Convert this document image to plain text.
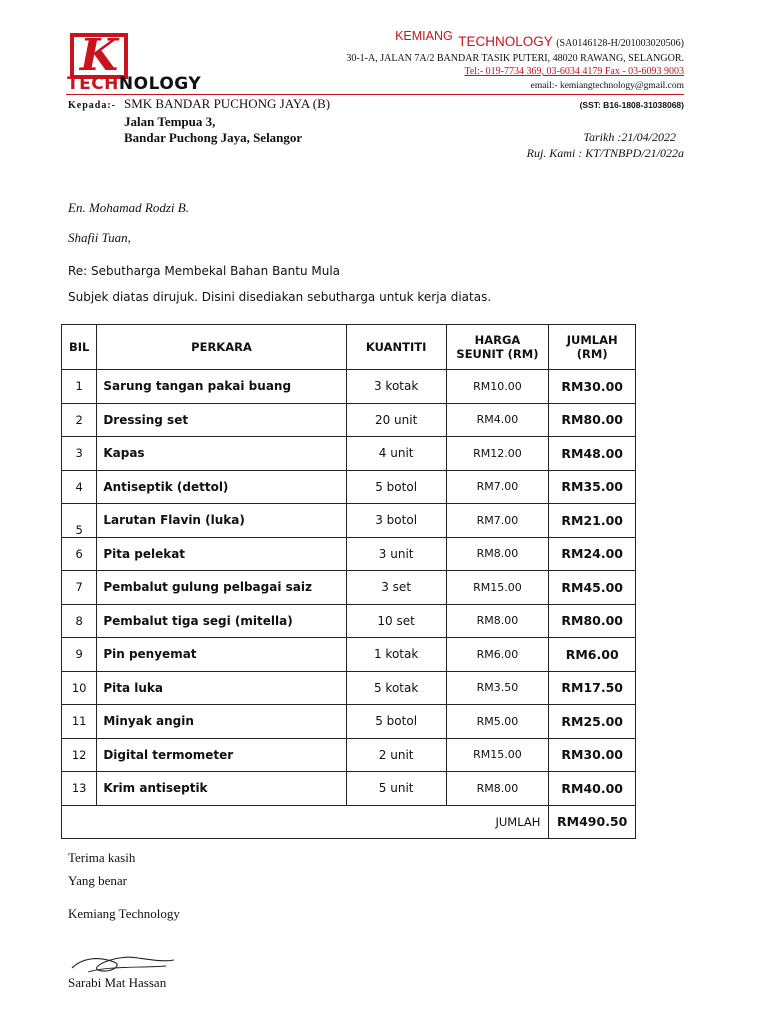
K
TECHNOLOGY
KEMIANG TECHNOLOGY $_{(SA0146128-H/201003020506)}$
30-1-A, JALAN 7A/2 BANDAR TASIK PUTERI, 48020 RAWANG, SELANGOR.
Tel:- 019-7734 369, 03-6034 4179 Fax - 03-6093 9003
email:- kemiangtechnology@gmail.com
Kepada:- SMK BANDAR PUCHONG JAYA (B)
Jalan Tempua 3,
Bandar Puchong Jaya, Selangor
(SST: B16-1808-31038068)
Tarikh :21/04/2022
Ruj. Kami : KT/TNBPD/21/022a
En. Mohamad Rodzi B.
Shafii Tuan,
Re: Sebutharga Membekal Bahan Bantu Mula
Subjek diatas dirujuk. Disini disediakan sebutharga untuk kerja diatas.
BIL	PERKARA	KUANTITI	HARGA SEUNIT (RM)	JUMLAH (RM)
1	Sarung tangan pakai buang	3 kotak	RM10.00	RM30.00
2	Dressing set	20 unit	RM4.00	RM80.00
3	Kapas	4 unit	RM12.00	RM48.00
4	Antiseptik (dettol)	5 botol	RM7.00	RM35.00
5	Larutan Flavin (luka)	3 botol	RM7.00	RM21.00
6	Pita pelekat	3 unit	RM8.00	RM24.00
7	Pembalut gulung pelbagai saiz	3 set	RM15.00	RM45.00
8	Pembalut tiga segi (mitella)	10 set	RM8.00	RM80.00
9	Pin penyemat	1 kotak	RM6.00	RM6.00
10	Pita luka	5 kotak	RM3.50	RM17.50
11	Minyak angin	5 botol	RM5.00	RM25.00
12	Digital termometer	2 unit	RM15.00	RM30.00
13	Krim antiseptik	5 unit	RM8.00	RM40.00
JUMLAH				RM490.50
Terima kasih
Yang benar
Kemiang Technology
Sarabi Mat Hassan
